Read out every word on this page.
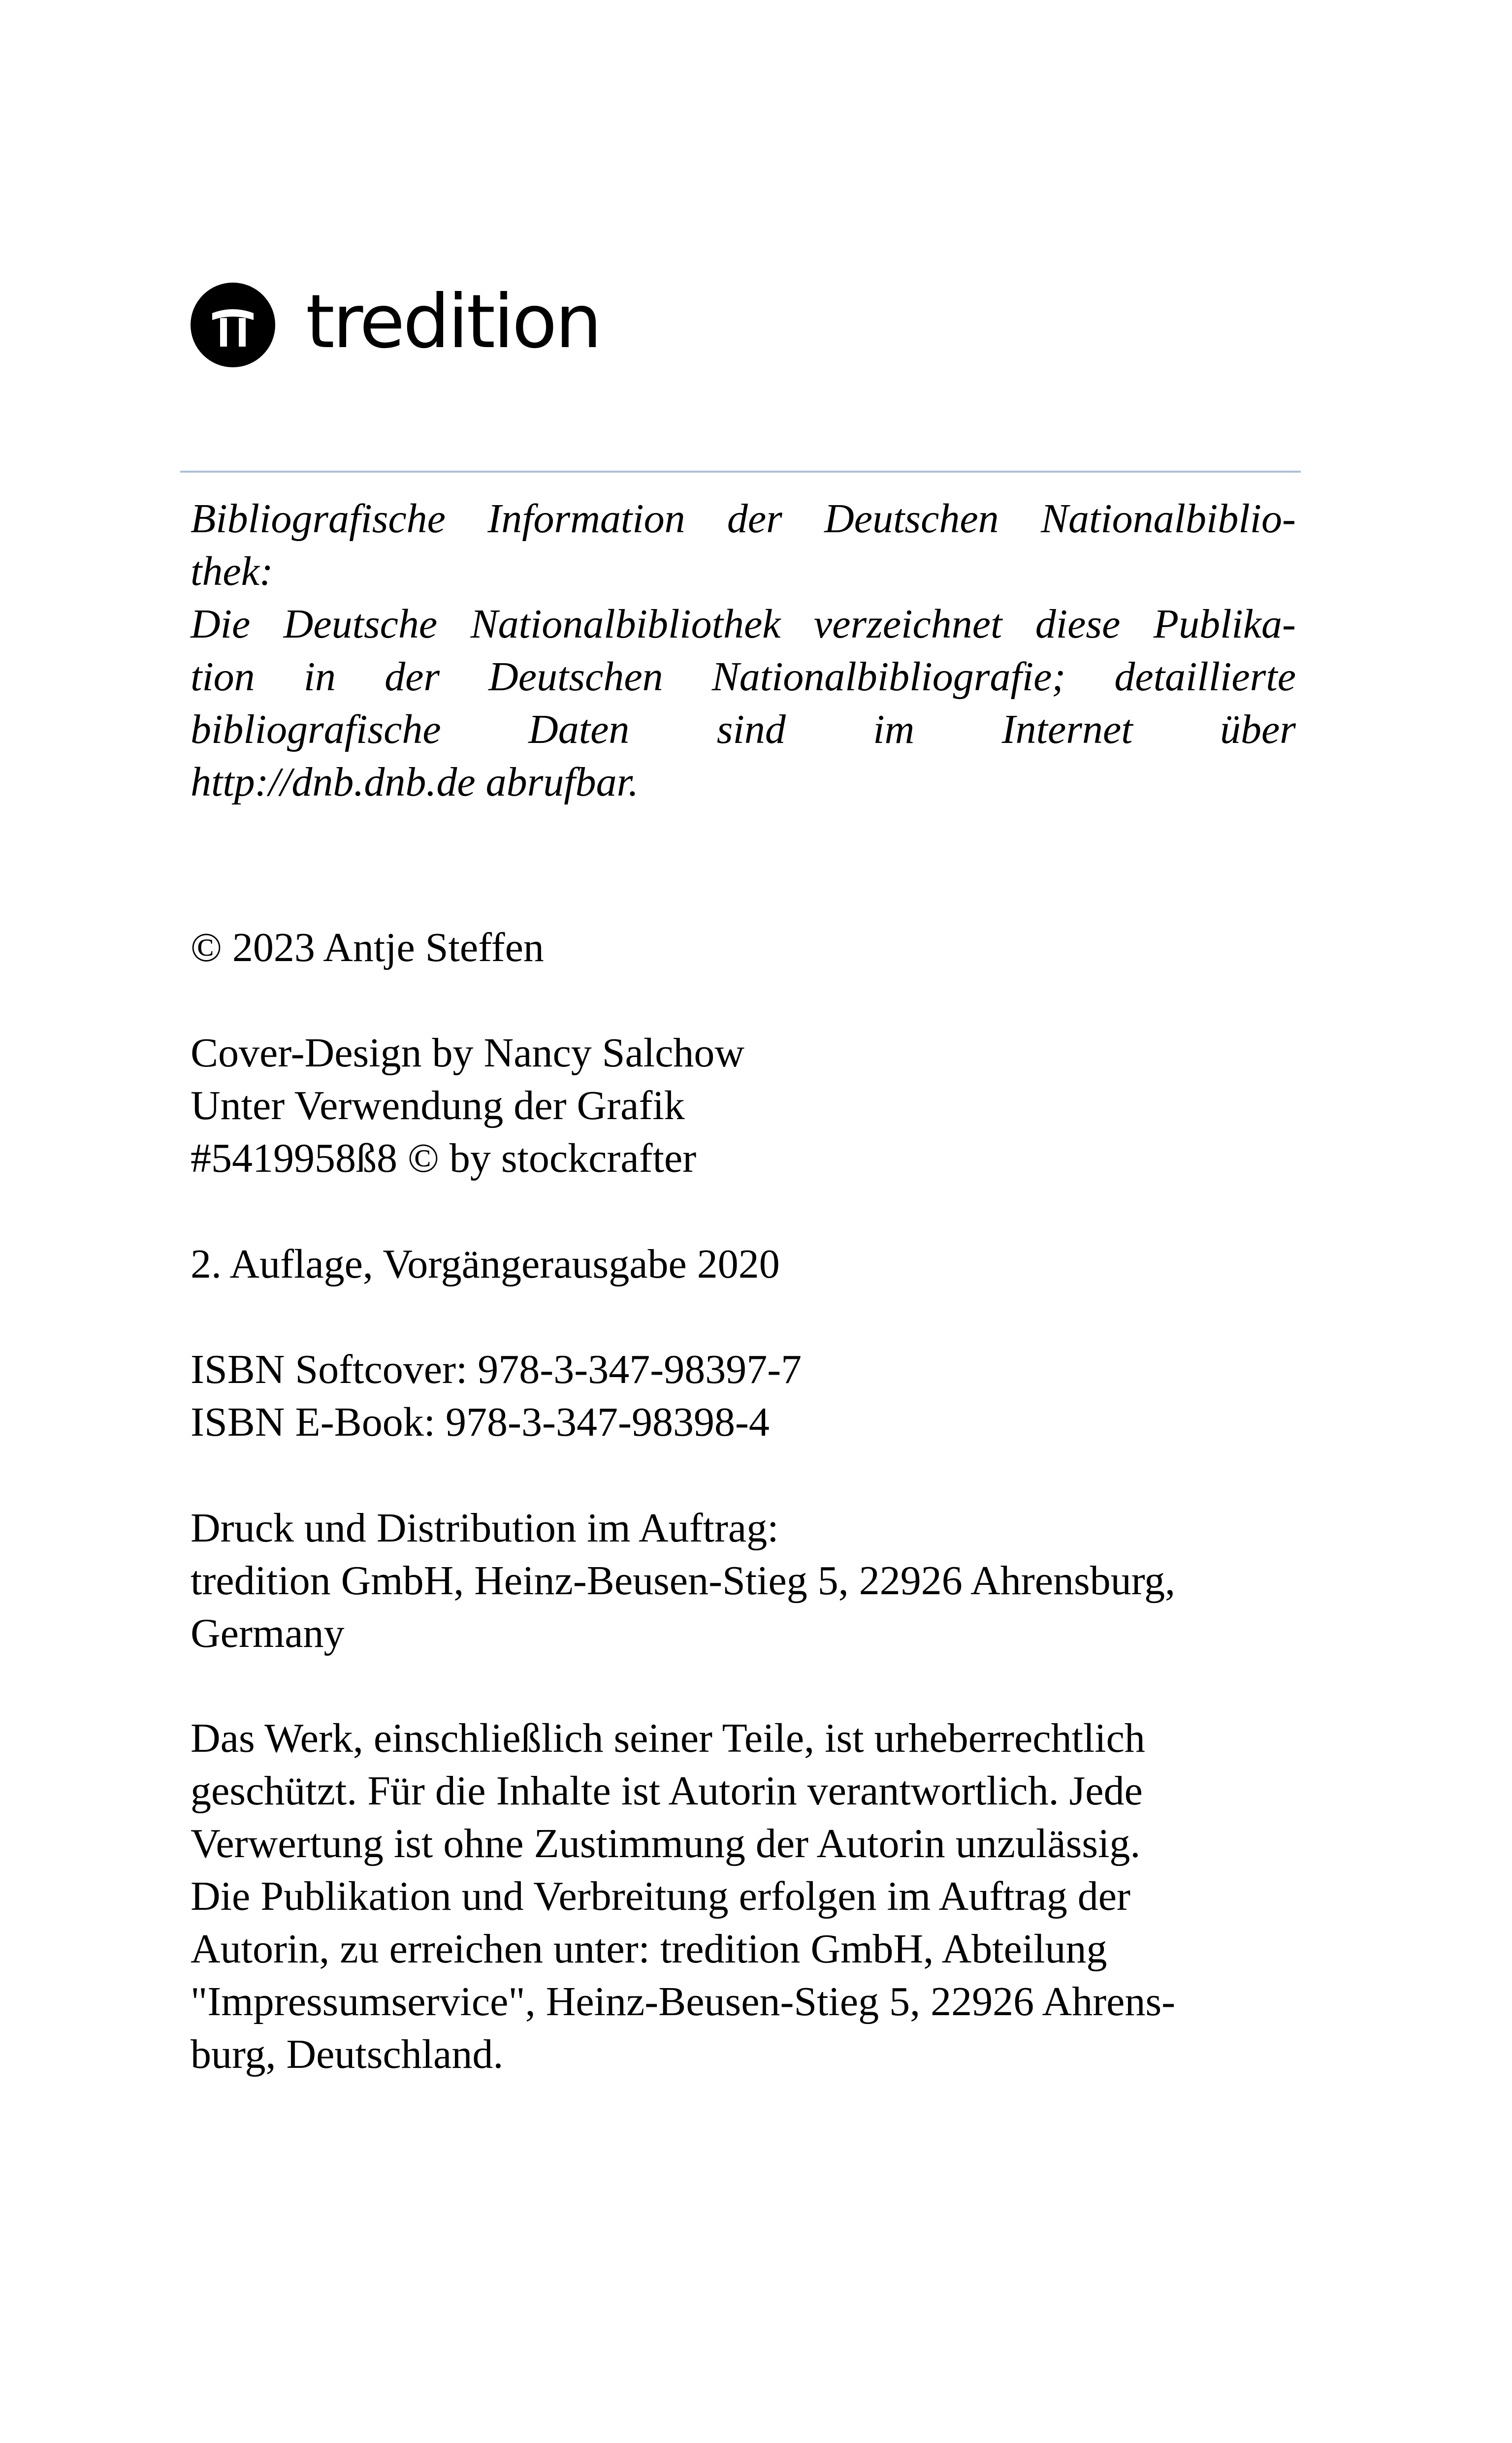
tredition
Bibliografische Information der Deutschen Nationalbiblio-
thek:
Die Deutsche Nationalbibliothek verzeichnet diese Publika-
tion in der Deutschen Nationalbibliografie; detaillierte
bibliografische Daten sind im Internet über
http://dnb.dnb.de abrufbar.
© 2023 Antje Steffen
Cover-Design by Nancy Salchow
Unter Verwendung der Grafik
#5419958ß8 © by stockcrafter
2. Auflage, Vorgängerausgabe 2020
ISBN Softcover: 978-3-347-98397-7
ISBN E-Book: 978-3-347-98398-4
Druck und Distribution im Auftrag:
tredition GmbH, Heinz-Beusen-Stieg 5, 22926 Ahrensburg,
Germany
Das Werk, einschließlich seiner Teile, ist urheberrechtlich
geschützt. Für die Inhalte ist Autorin verantwortlich. Jede
Verwertung ist ohne Zustimmung der Autorin unzulässig.
Die Publikation und Verbreitung erfolgen im Auftrag der
Autorin, zu erreichen unter: tredition GmbH, Abteilung
"Impressumservice", Heinz-Beusen-Stieg 5, 22926 Ahrens-
burg, Deutschland.
